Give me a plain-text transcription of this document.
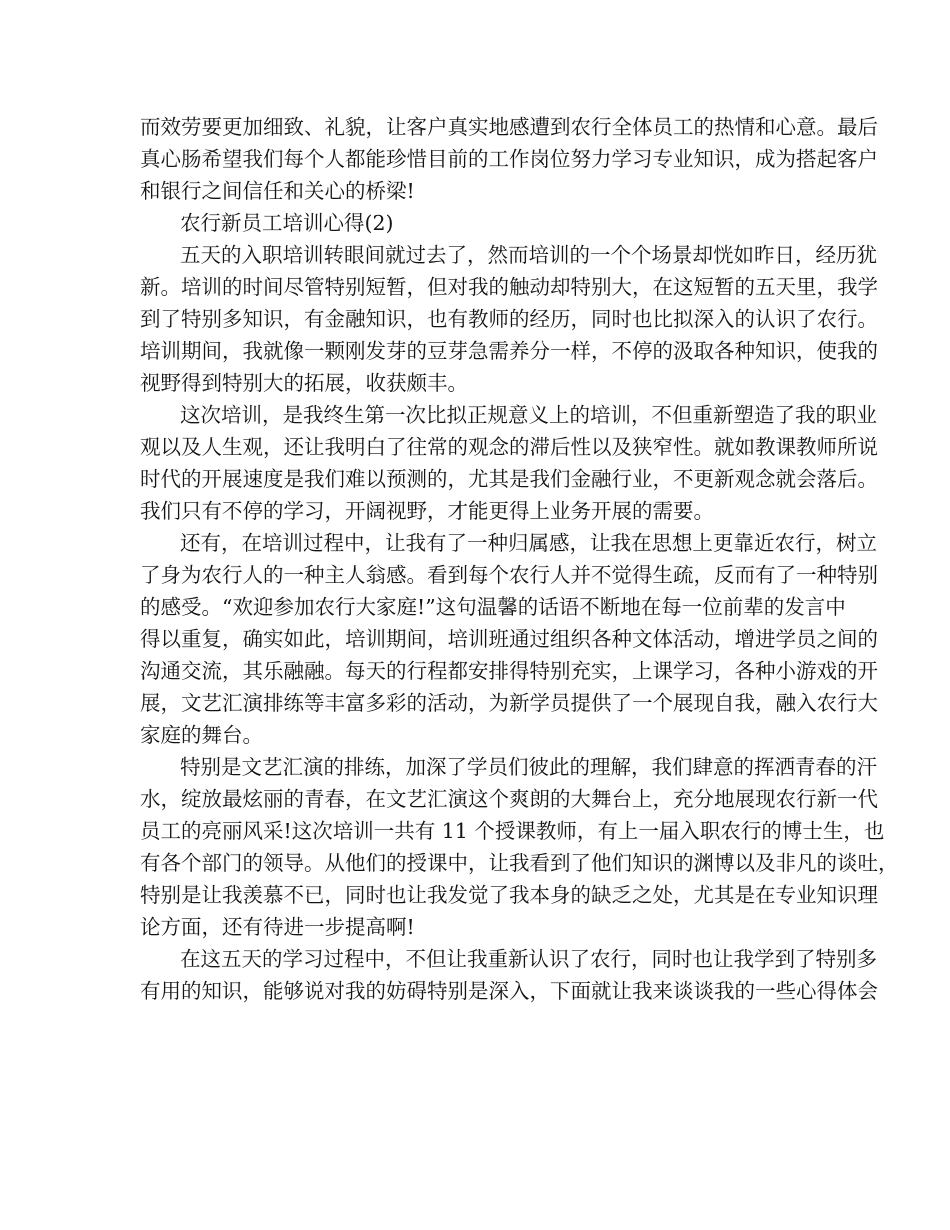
而效劳要更加细致、礼貌，让客户真实地感遭到农行全体员工的热情和心意。最后
真心肠希望我们每个人都能珍惜目前的工作岗位努力学习专业知识，成为搭起客户
和银行之间信任和关心的桥梁!
农行新员工培训心得(2)
五天的入职培训转眼间就过去了，然而培训的一个个场景却恍如昨日，经历犹
新。培训的时间尽管特别短暂，但对我的触动却特别大，在这短暂的五天里，我学
到了特别多知识，有金融知识，也有教师的经历，同时也比拟深入的认识了农行。
培训期间，我就像一颗刚发芽的豆芽急需养分一样，不停的汲取各种知识，使我的
视野得到特别大的拓展，收获颇丰。
这次培训，是我终生第一次比拟正规意义上的培训，不但重新塑造了我的职业
观以及人生观，还让我明白了往常的观念的滞后性以及狭窄性。就如教课教师所说
时代的开展速度是我们难以预测的，尤其是我们金融行业，不更新观念就会落后。
我们只有不停的学习，开阔视野，才能更得上业务开展的需要。
还有，在培训过程中，让我有了一种归属感，让我在思想上更靠近农行，树立
了身为农行人的一种主人翁感。看到每个农行人并不觉得生疏，反而有了一种特别
的感受。“欢迎参加农行大家庭!”这句温馨的话语不断地在每一位前辈的发言中
得以重复，确实如此，培训期间，培训班通过组织各种文体活动，增进学员之间的
沟通交流，其乐融融。每天的行程都安排得特别充实，上课学习，各种小游戏的开
展，文艺汇演排练等丰富多彩的活动，为新学员提供了一个展现自我，融入农行大
家庭的舞台。
特别是文艺汇演的排练，加深了学员们彼此的理解，我们肆意的挥洒青春的汗
水，绽放最炫丽的青春，在文艺汇演这个爽朗的大舞台上，充分地展现农行新一代
员工的亮丽风采!这次培训一共有 11 个授课教师，有上一届入职农行的博士生，也
有各个部门的领导。从他们的授课中，让我看到了他们知识的渊博以及非凡的谈吐，
特别是让我羡慕不已，同时也让我发觉了我本身的缺乏之处，尤其是在专业知识理
论方面，还有待进一步提高啊!
在这五天的学习过程中，不但让我重新认识了农行，同时也让我学到了特别多
有用的知识，能够说对我的妨碍特别是深入，下面就让我来谈谈我的一些心得体会
